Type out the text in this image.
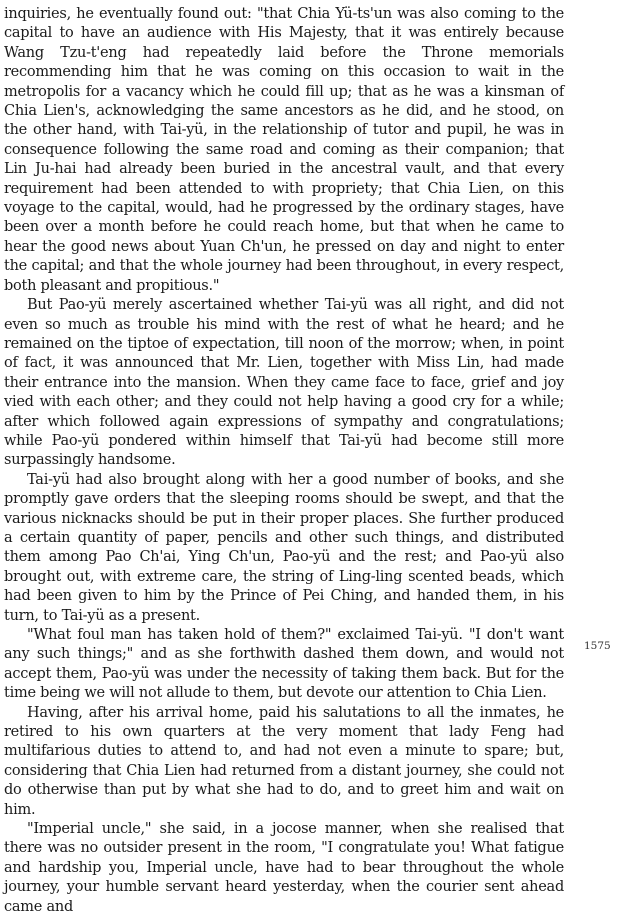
inquiries, he eventually found out: "that Chia Yü-ts'un was also coming to the capital to have an audience with His Majesty, that it was entirely because Wang Tzu-t'eng had repeatedly laid before the Throne memorials recommending him that he was coming on this occasion to wait in the metropolis for a vacancy which he could fill up; that as he was a kinsman of Chia Lien's, acknowledging the same ancestors as he did, and he stood, on the other hand, with Tai-yü, in the relationship of tutor and pupil, he was in consequence following the same road and coming as their companion; that Lin Ju-hai had already been buried in the ancestral vault, and that every requirement had been attended to with propriety; that Chia Lien, on this voyage to the capital, would, had he progressed by the ordinary stages, have been over a month before he could reach home, but that when he came to hear the good news about Yuan Ch'un, he pressed on day and night to enter the capital; and that the whole journey had been throughout, in every respect, both pleasant and propitious."

But Pao-yü merely ascertained whether Tai-yü was all right, and did not even so much as trouble his mind with the rest of what he heard; and he remained on the tiptoe of expectation, till noon of the morrow; when, in point of fact, it was announced that Mr. Lien, together with Miss Lin, had made their entrance into the mansion. When they came face to face, grief and joy vied with each other; and they could not help having a good cry for a while; after which followed again expressions of sympathy and congratulations; while Pao-yü pondered within himself that Tai-yü had become still more surpassingly handsome.

Tai-yü had also brought along with her a good number of books, and she promptly gave orders that the sleeping rooms should be swept, and that the various nicknacks should be put in their proper places. She further produced a certain quantity of paper, pencils and other such things, and distributed them among Pao Ch'ai, Ying Ch'un, Pao-yü and the rest; and Pao-yü also brought out, with extreme care, the string of Ling-ling scented beads, which had been given to him by the Prince of Pei Ching, and handed them, in his turn, to Tai-yü as a present.

"What foul man has taken hold of them?" exclaimed Tai-yü. "I don't want any such things;" and as she forthwith dashed them down, and would not accept them, Pao-yü was under the necessity of taking them back. But for the time being we will not allude to them, but devote our attention to Chia Lien.

Having, after his arrival home, paid his salutations to all the inmates, he retired to his own quarters at the very moment that lady Feng had multifarious duties to attend to, and had not even a minute to spare; but, considering that Chia Lien had returned from a distant journey, she could not do otherwise than put by what she had to do, and to greet him and wait on him.

"Imperial uncle," she said, in a jocose manner, when she realised that there was no outsider present in the room, "I congratulate you! What fatigue and hardship you, Imperial uncle, have had to bear throughout the whole journey, your humble servant heard yesterday, when the courier sent ahead came and

1575
